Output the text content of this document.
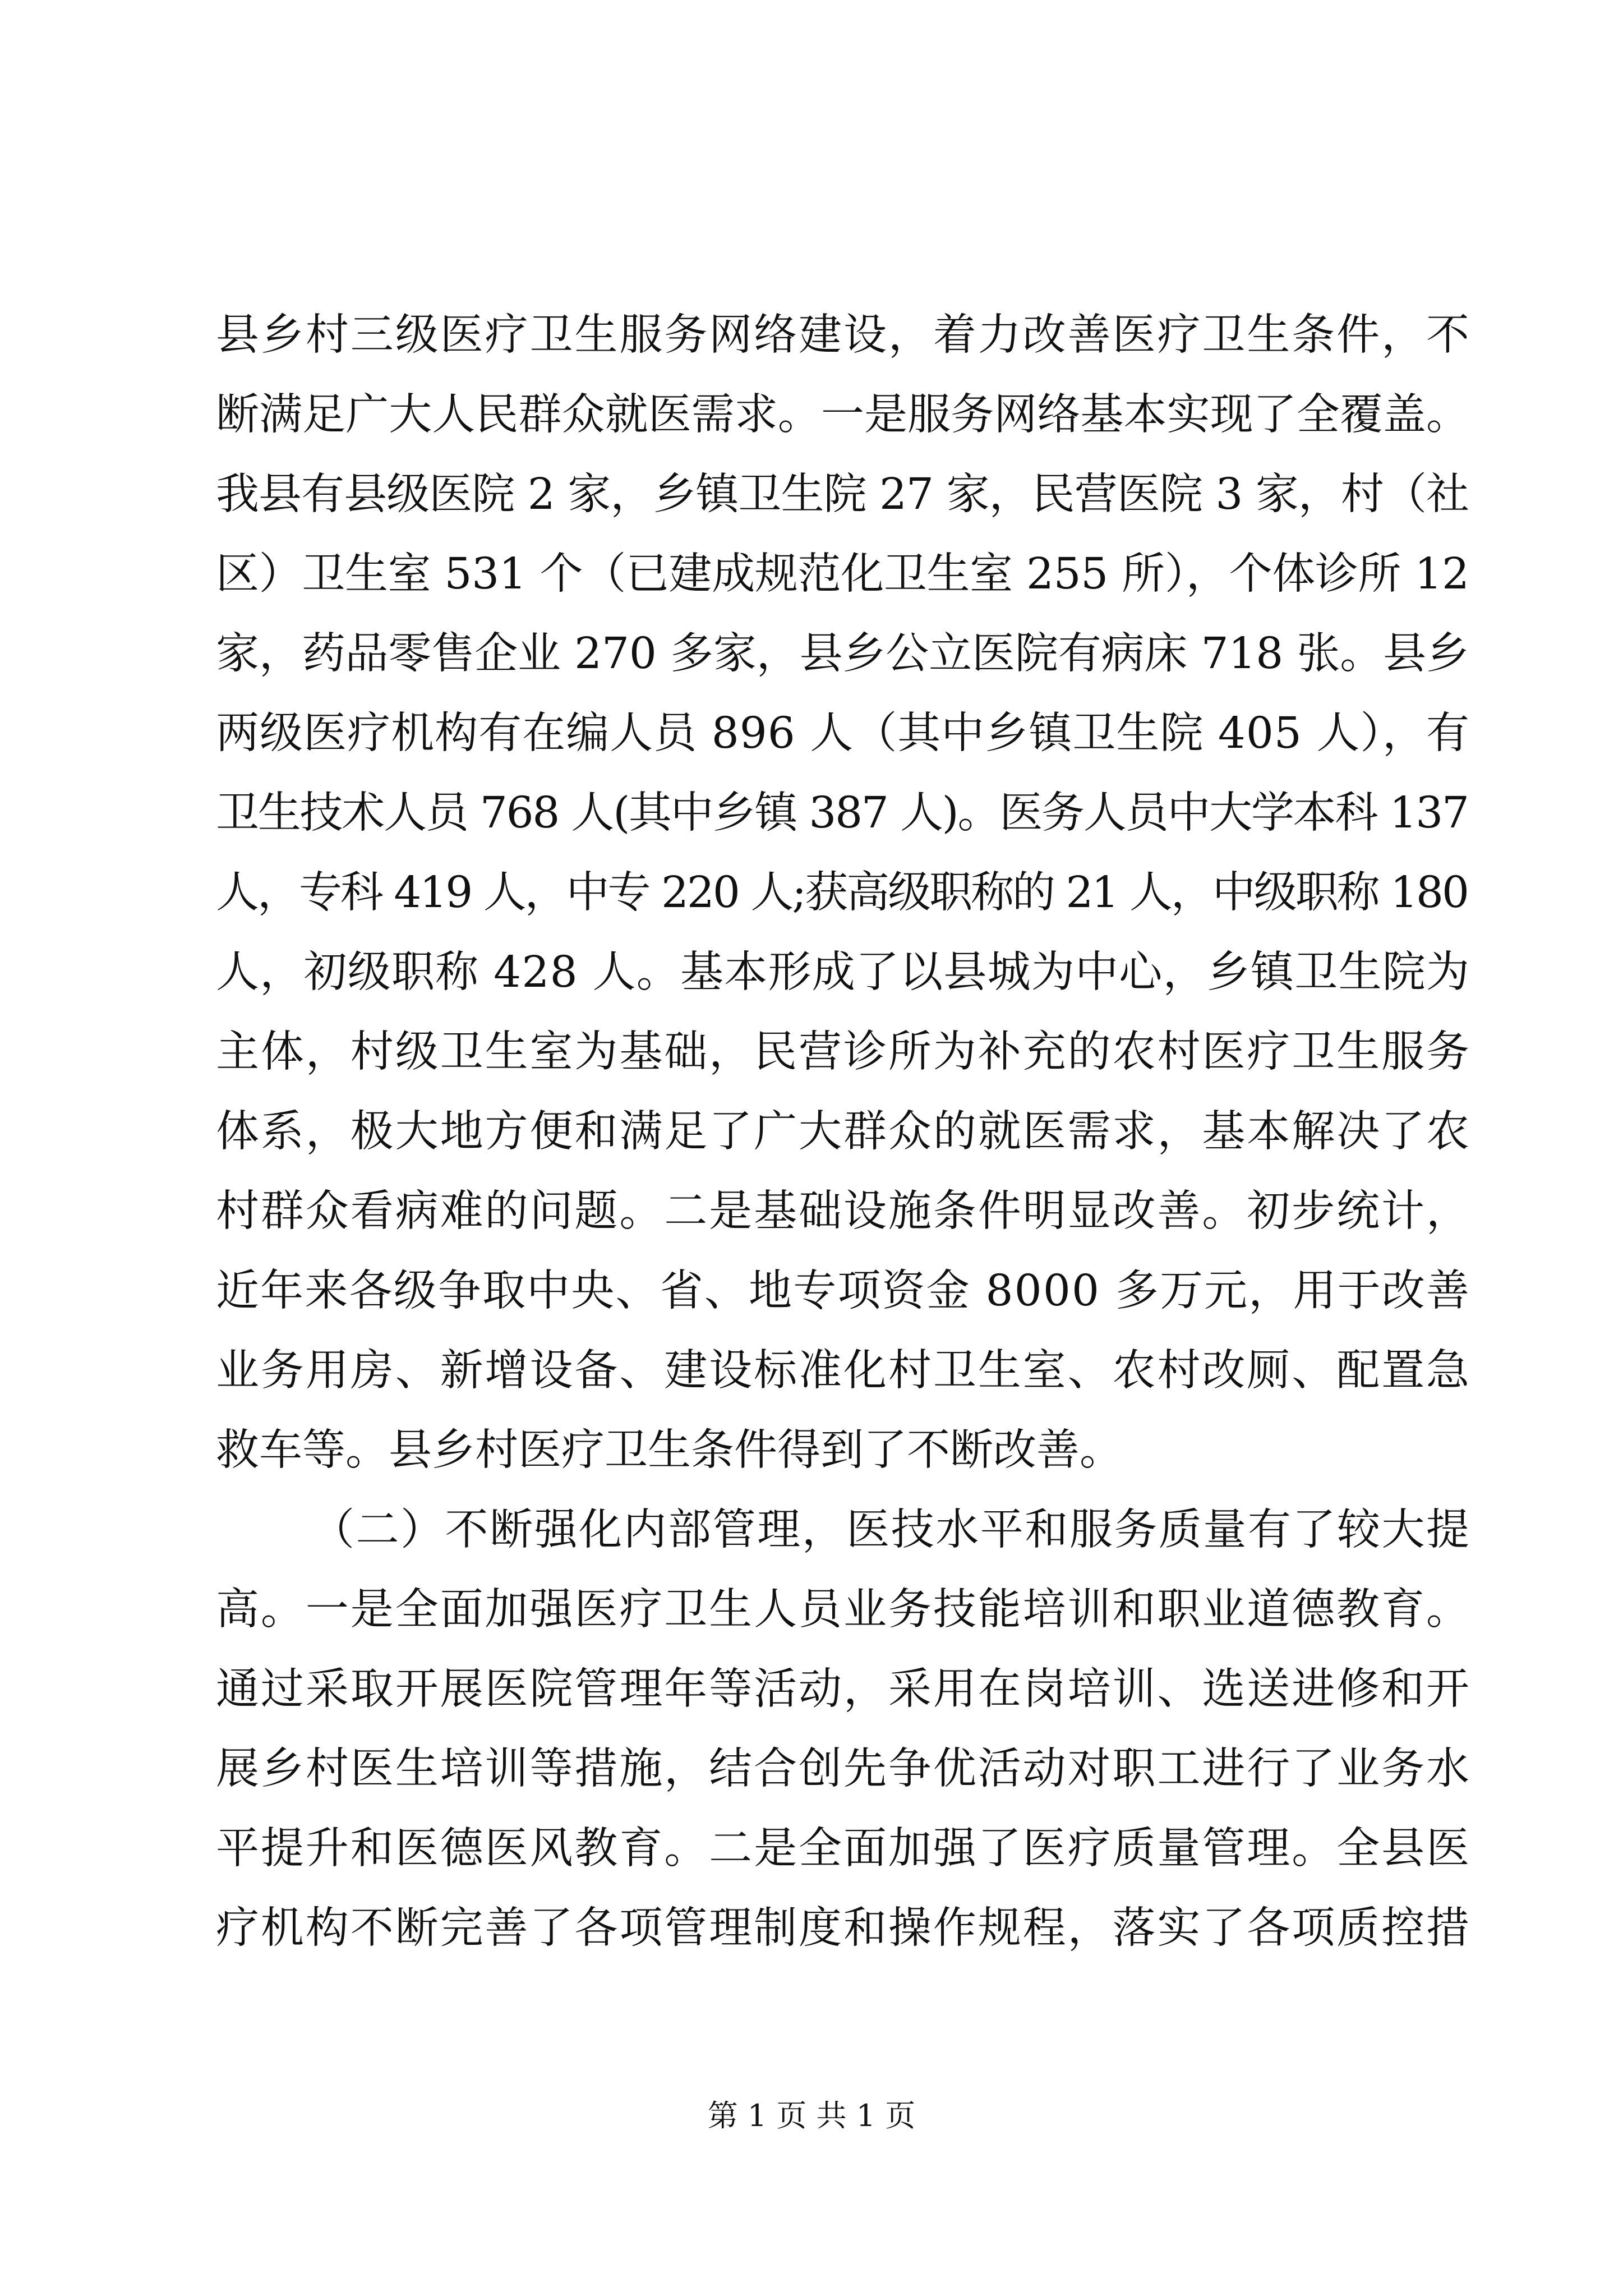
县乡村三级医疗卫生服务网络建设，着力改善医疗卫生条件，不
断满足广大人民群众就医需求。一是服务网络基本实现了全覆盖。
我县有县级医院 2 家，乡镇卫生院 27 家，民营医院 3 家，村（社
区）卫生室 531 个（已建成规范化卫生室 255 所），个体诊所 12
家，药品零售企业 270 多家，县乡公立医院有病床 718 张。县乡
两级医疗机构有在编人员 896 人（其中乡镇卫生院 405 人），有
卫生技术人员 768 人(其中乡镇 387 人)。医务人员中大学本科 137
人，专科 419 人，中专 220 人;获高级职称的 21 人，中级职称 180
人，初级职称 428 人。基本形成了以县城为中心，乡镇卫生院为
主体，村级卫生室为基础，民营诊所为补充的农村医疗卫生服务
体系，极大地方便和满足了广大群众的就医需求，基本解决了农
村群众看病难的问题。二是基础设施条件明显改善。初步统计，
近年来各级争取中央、省、地专项资金 8000 多万元，用于改善
业务用房、新增设备、建设标准化村卫生室、农村改厕、配置急
救车等。县乡村医疗卫生条件得到了不断改善。
（二）不断强化内部管理，医技水平和服务质量有了较大提
高。一是全面加强医疗卫生人员业务技能培训和职业道德教育。
通过采取开展医院管理年等活动，采用在岗培训、选送进修和开
展乡村医生培训等措施，结合创先争优活动对职工进行了业务水
平提升和医德医风教育。二是全面加强了医疗质量管理。全县医
疗机构不断完善了各项管理制度和操作规程，落实了各项质控措
第 1 页 共 1 页
